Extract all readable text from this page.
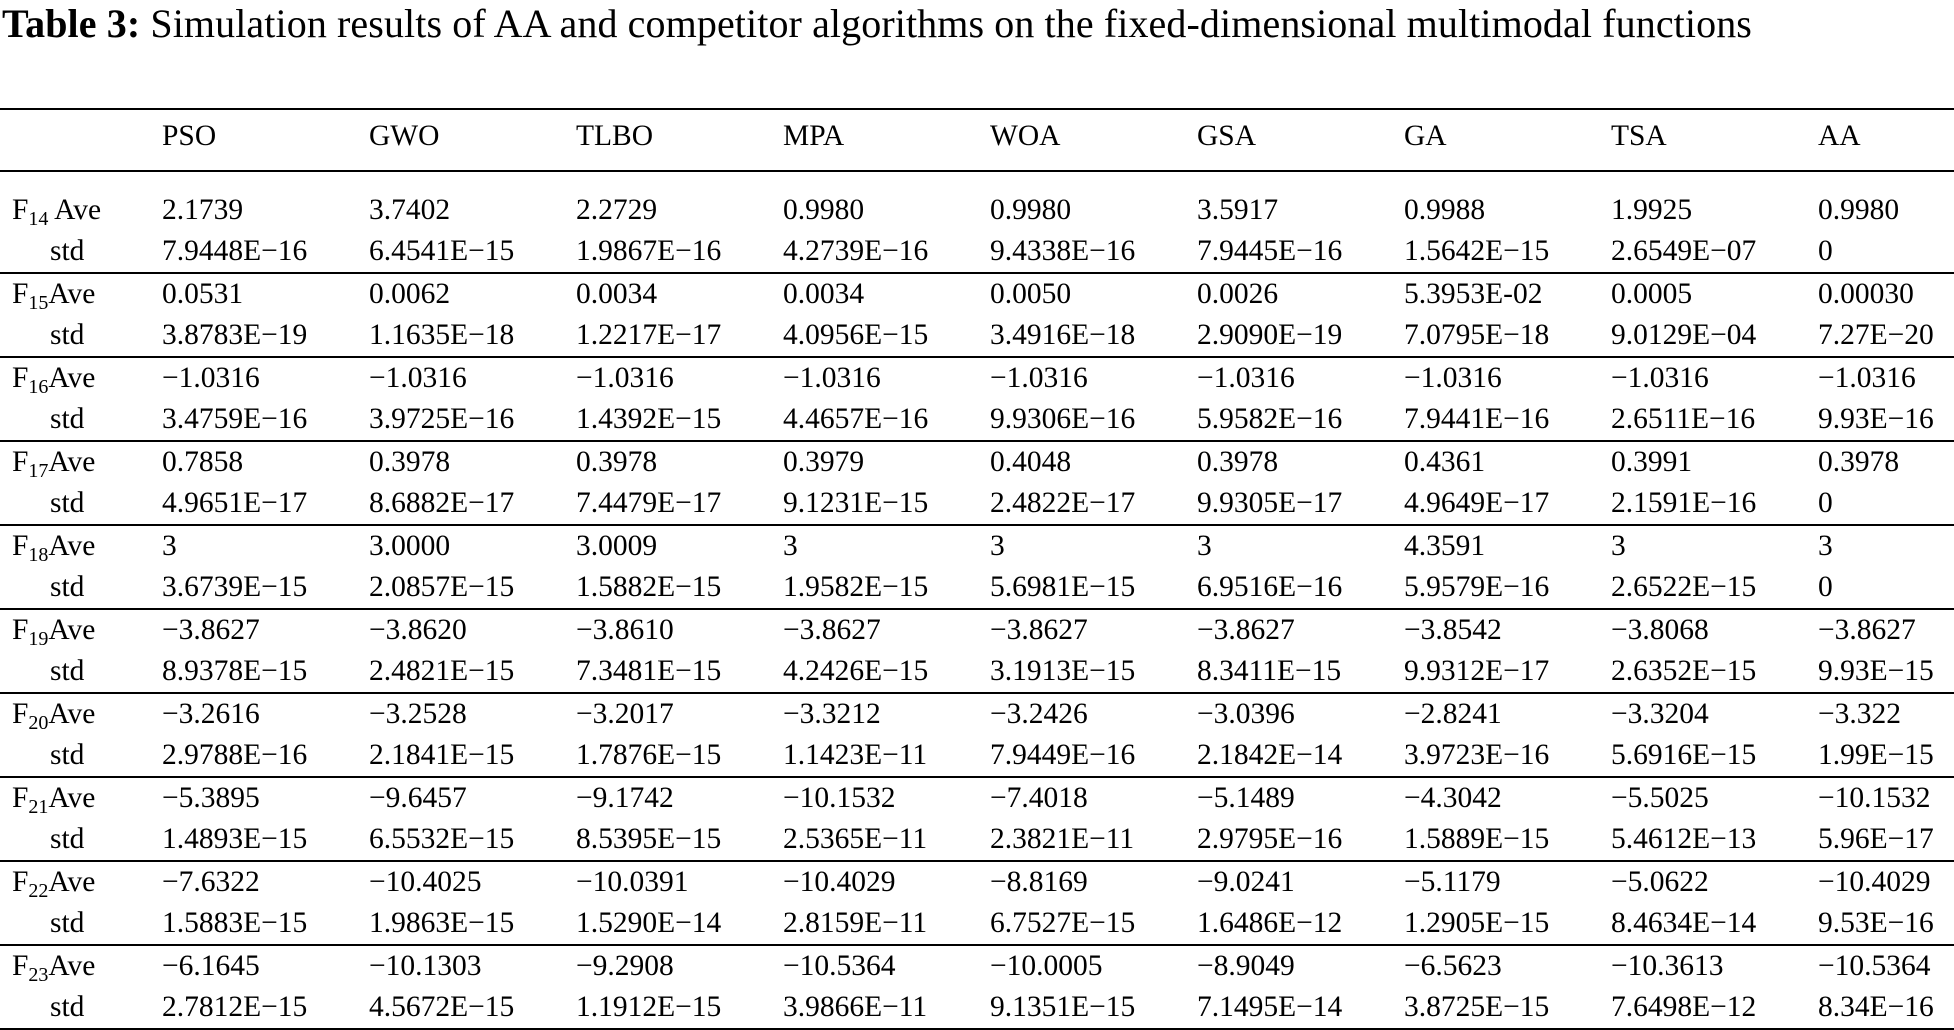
Table 3: Simulation results of AA and competitor algorithms on the fixed-dimensional multimodal functions
	PSO	GWO	TLBO	MPA	WOA	GSA	GA	TSA	AA

$F_{14}$ Ave	2.1739	3.7402	2.2729	0.9980	0.9980	3.5917	0.9988	1.9925	0.9980
std	7.9448E−16	6.4541E−15	1.9867E−16	4.2739E−16	9.4338E−16	7.9445E−16	1.5642E−15	2.6549E−07	0
$F_{15}Ave$	0.0531	0.0062	0.0034	0.0034	0.0050	0.0026	5.3953E-02	0.0005	0.00030
std	3.8783E−19	1.1635E−18	1.2217E−17	4.0956E−15	3.4916E−18	2.9090E−19	7.0795E−18	9.0129E−04	7.27E−20
$F_{16}Ave$	−1.0316	−1.0316	−1.0316	−1.0316	−1.0316	−1.0316	−1.0316	−1.0316	−1.0316
std	3.4759E−16	3.9725E−16	1.4392E−15	4.4657E−16	9.9306E−16	5.9582E−16	7.9441E−16	2.6511E−16	9.93E−16
$F_{17}Ave$	0.7858	0.3978	0.3978	0.3979	0.4048	0.3978	0.4361	0.3991	0.3978
std	4.9651E−17	8.6882E−17	7.4479E−17	9.1231E−15	2.4822E−17	9.9305E−17	4.9649E−17	2.1591E−16	0
$F_{18}Ave$	3	3.0000	3.0009	3	3	3	4.3591	3	3
std	3.6739E−15	2.0857E−15	1.5882E−15	1.9582E−15	5.6981E−15	6.9516E−16	5.9579E−16	2.6522E−15	0
$F_{19}Ave$	−3.8627	−3.8620	−3.8610	−3.8627	−3.8627	−3.8627	−3.8542	−3.8068	−3.8627
std	8.9378E−15	2.4821E−15	7.3481E−15	4.2426E−15	3.1913E−15	8.3411E−15	9.9312E−17	2.6352E−15	9.93E−15
$F_{20}Ave$	−3.2616	−3.2528	−3.2017	−3.3212	−3.2426	−3.0396	−2.8241	−3.3204	−3.322
std	2.9788E−16	2.1841E−15	1.7876E−15	1.1423E−11	7.9449E−16	2.1842E−14	3.9723E−16	5.6916E−15	1.99E−15
$F_{21}Ave$	−5.3895	−9.6457	−9.1742	−10.1532	−7.4018	−5.1489	−4.3042	−5.5025	−10.1532
std	1.4893E−15	6.5532E−15	8.5395E−15	2.5365E−11	2.3821E−11	2.9795E−16	1.5889E−15	5.4612E−13	5.96E−17
$F_{22}Ave$	−7.6322	−10.4025	−10.0391	−10.4029	−8.8169	−9.0241	−5.1179	−5.0622	−10.4029
std	1.5883E−15	1.9863E−15	1.5290E−14	2.8159E−11	6.7527E−15	1.6486E−12	1.2905E−15	8.4634E−14	9.53E−16
$F_{23}Ave$	−6.1645	−10.1303	−9.2908	−10.5364	−10.0005	−8.9049	−6.5623	−10.3613	−10.5364
std	2.7812E−15	4.5672E−15	1.1912E−15	3.9866E−11	9.1351E−15	7.1495E−14	3.8725E−15	7.6498E−12	8.34E−16
